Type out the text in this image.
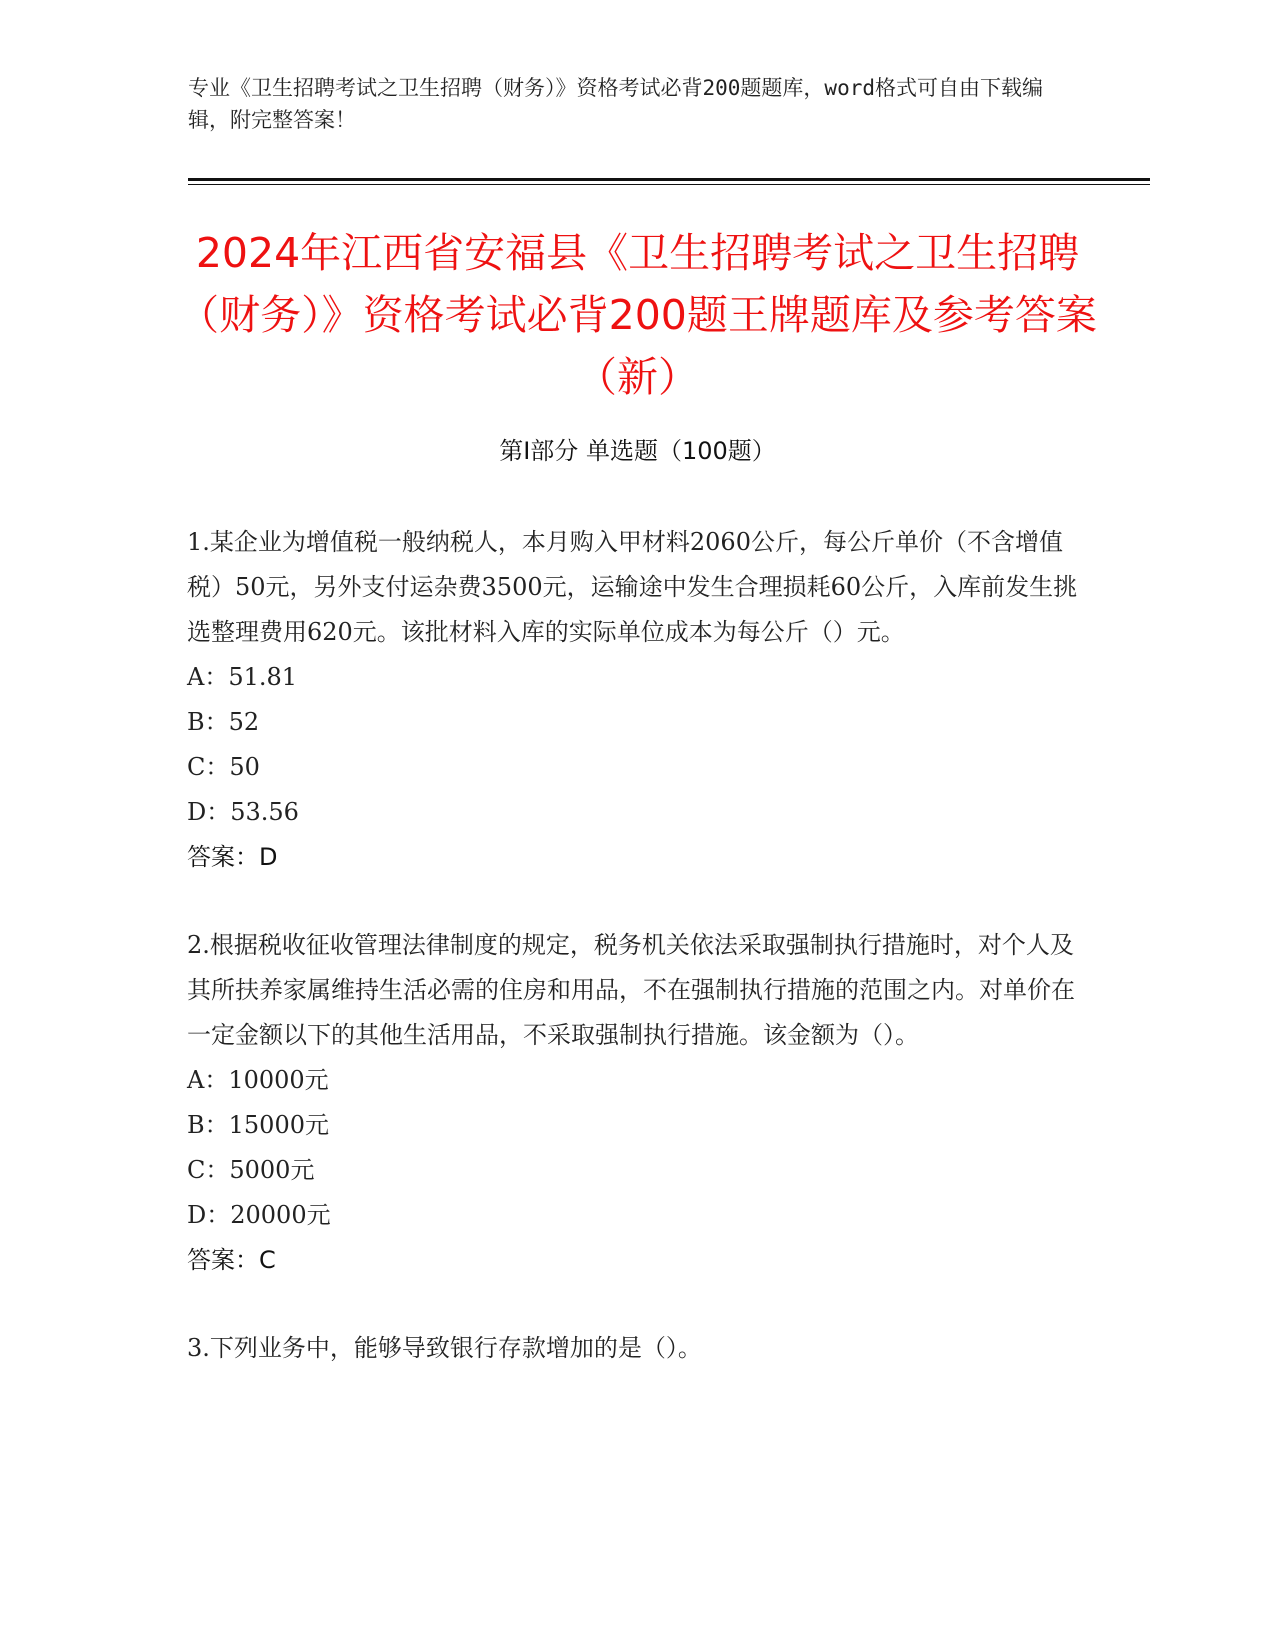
专业《卫生招聘考试之卫生招聘（财务）》资格考试必背200题题库，word格式可自由下载编辑，附完整答案！
2024年江西省安福县《卫生招聘考试之卫生招聘（财务）》资格考试必背200题王牌题库及参考答案（新）
第Ⅰ部分 单选题（100题）

1.某企业为增值税一般纳税人，本月购入甲材料2060公斤，每公斤单价（不含增值税）50元，另外支付运杂费3500元，运输途中发生合理损耗60公斤，入库前发生挑选整理费用620元。该批材料入库的实际单位成本为每公斤（）元。

A：51.81

B：52

C：50

D：53.56

答案：D

2.根据税收征收管理法律制度的规定，税务机关依法采取强制执行措施时，对个人及其所扶养家属维持生活必需的住房和用品，不在强制执行措施的范围之内。对单价在一定金额以下的其他生活用品，不采取强制执行措施。该金额为（）。

A：10000元

B：15000元

C：5000元

D：20000元

答案：C

3.下列业务中，能够导致银行存款增加的是（）。
